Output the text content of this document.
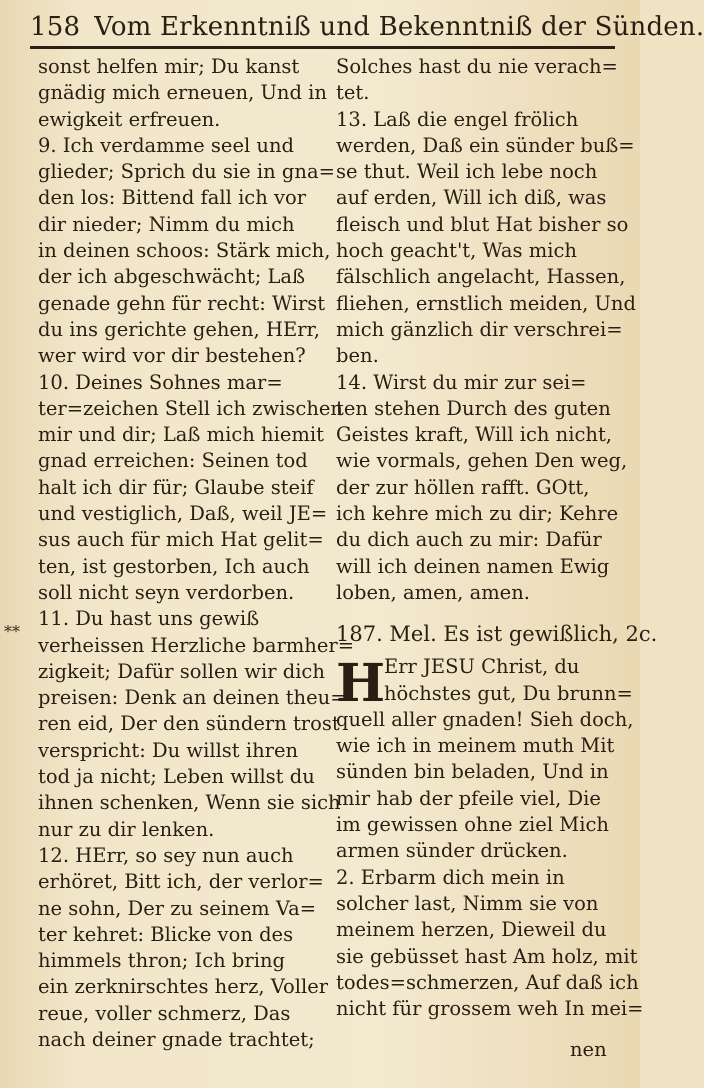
158 Vom Erkenntniß und Bekenntniß der Sünden.
**
sonst helfen mir; Du kanst
gnädig mich erneuen, Und in
ewigkeit erfreuen.
9. Ich verdamme seel und
glieder; Sprich du sie in gna=
den los: Bittend fall ich vor
dir nieder; Nimm du mich
in deinen schoos: Stärk mich,
der ich abgeschwächt; Laß
genade gehn für recht: Wirst
du ins gerichte gehen, HErr,
wer wird vor dir bestehen?
10. Deines Sohnes mar=
ter=zeichen Stell ich zwischen
mir und dir; Laß mich hiemit
gnad erreichen: Seinen tod
halt ich dir für; Glaube steif
und vestiglich, Daß, weil JE=
sus auch für mich Hat gelit=
ten, ist gestorben, Ich auch
soll nicht seyn verdorben.
11. Du hast uns gewiß
verheissen Herzliche barmher=
zigkeit; Dafür sollen wir dich
preisen: Denk an deinen theu=
ren eid, Der den sündern trost
verspricht: Du willst ihren
tod ja nicht; Leben willst du
ihnen schenken, Wenn sie sich
nur zu dir lenken.
12. HErr, so sey nun auch
erhöret, Bitt ich, der verlor=
ne sohn, Der zu seinem Va=
ter kehret: Blicke von des
himmels thron; Ich bring
ein zerknirschtes herz, Voller
reue, voller schmerz, Das
nach deiner gnade trachtet;
Solches hast du nie verach=
tet.
13. Laß die engel frölich
werden, Daß ein sünder buß=
se thut. Weil ich lebe noch
auf erden, Will ich diß, was
fleisch und blut Hat bisher so
hoch geacht't, Was mich
fälschlich angelacht, Hassen,
fliehen, ernstlich meiden, Und
mich gänzlich dir verschrei=
ben.
14. Wirst du mir zur sei=
ten stehen Durch des guten
Geistes kraft, Will ich nicht,
wie vormals, gehen Den weg,
der zur höllen rafft. GOtt,
ich kehre mich zu dir; Kehre
du dich auch zu mir: Dafür
will ich deinen namen Ewig
loben, amen, amen.
187. Mel. Es ist gewißlich, 2c.
H
Err JESU Christ, du
höchstes gut, Du brunn=
quell aller gnaden! Sieh doch,
wie ich in meinem muth Mit
sünden bin beladen, Und in
mir hab der pfeile viel, Die
im gewissen ohne ziel Mich
armen sünder drücken.
2. Erbarm dich mein in
solcher last, Nimm sie von
meinem herzen, Dieweil du
sie gebüsset hast Am holz, mit
todes=schmerzen, Auf daß ich
nicht für grossem weh In mei=
nen
